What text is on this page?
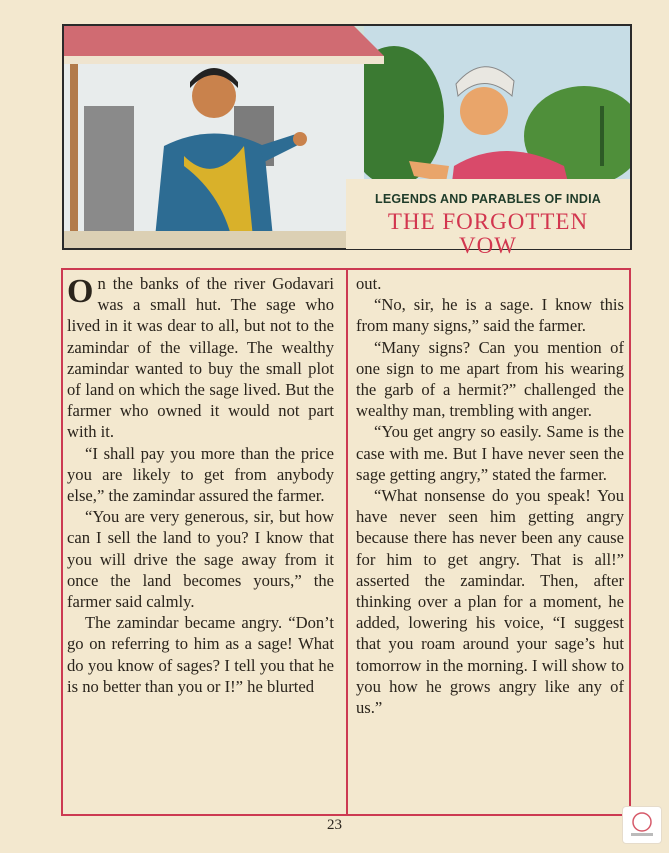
LEGENDS AND PARABLES OF INDIA
THE FORGOTTEN
VOW

On the banks of the river Godavari was a small hut. The sage who lived in it was dear to all, but not to the zamindar of the village. The wealthy zamindar wanted to buy the small plot of land on which the sage lived. But the farmer who owned it would not part with it.

“I shall pay you more than the price you are likely to get from anybody else,” the zamindar assured the farmer.

“You are very generous, sir, but how can I sell the land to you? I know that you will drive the sage away from it once the land becomes yours,” the farmer said calmly.

The zamindar became angry. “Don’t go on referring to him as a sage! What do you know of sages? I tell you that he is no better than you or I!” he blurted

out.

“No, sir, he is a sage. I know this from many signs,” said the farmer.

“Many signs? Can you mention of one sign to me apart from his wearing the garb of a hermit?” challenged the wealthy man, trembling with anger.

“You get angry so easily. Same is the case with me. But I have never seen the sage getting angry,” stated the farmer.

“What nonsense do you speak! You have never seen him getting angry because there has never been any cause for him to get angry. That is all!” asserted the zamindar. Then, after thinking over a plan for a moment, he added, lowering his voice, “I suggest that you roam around your sage’s hut tomorrow in the morning. I will show to you how he grows angry like any of us.”

23
